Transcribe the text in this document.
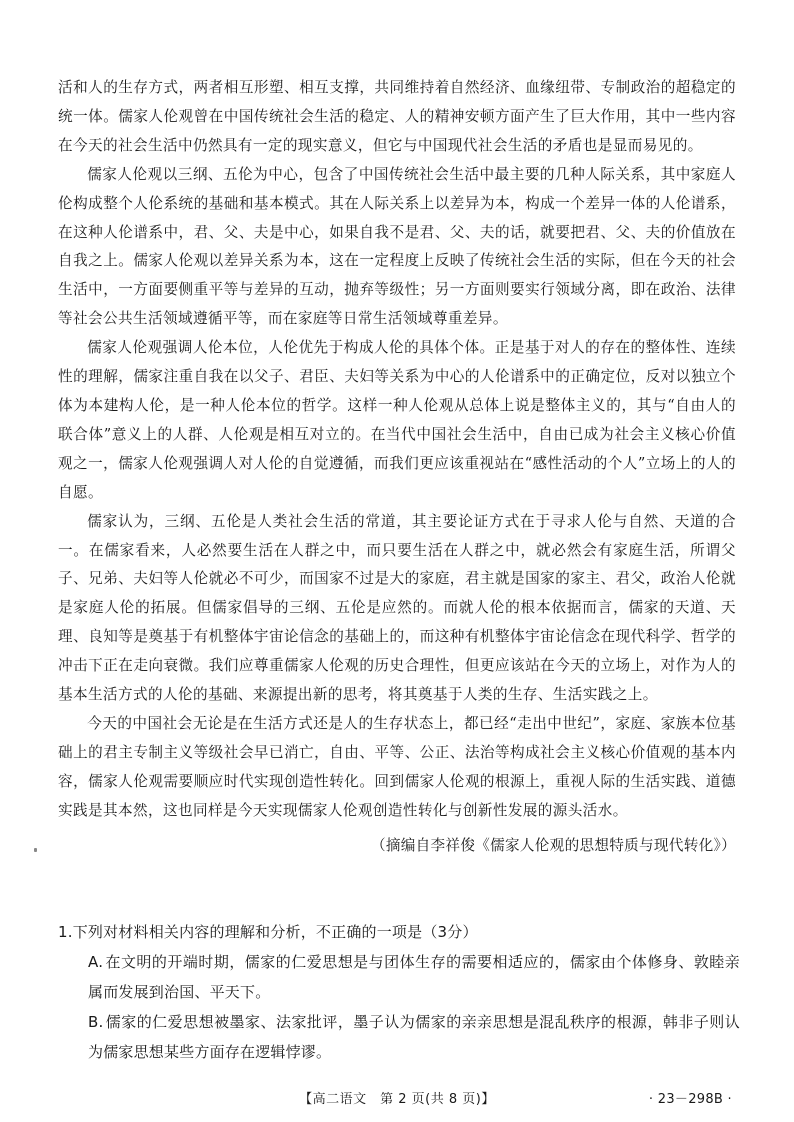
活和人的生存方式，两者相互形塑、相互支撑，共同维持着自然经济、血缘纽带、专制政治的超稳定的统一体。儒家人伦观曾在中国传统社会生活的稳定、人的精神安顿方面产生了巨大作用，其中一些内容在今天的社会生活中仍然具有一定的现实意义，但它与中国现代社会生活的矛盾也是显而易见的。

儒家人伦观以三纲、五伦为中心，包含了中国传统社会生活中最主要的几种人际关系，其中家庭人伦构成整个人伦系统的基础和基本模式。其在人际关系上以差异为本，构成一个差异一体的人伦谱系，在这种人伦谱系中，君、父、夫是中心，如果自我不是君、父、夫的话，就要把君、父、夫的价值放在自我之上。儒家人伦观以差异关系为本，这在一定程度上反映了传统社会生活的实际，但在今天的社会生活中，一方面要侧重平等与差异的互动，抛弃等级性；另一方面则要实行领域分离，即在政治、法律等社会公共生活领域遵循平等，而在家庭等日常生活领域尊重差异。

儒家人伦观强调人伦本位，人伦优先于构成人伦的具体个体。正是基于对人的存在的整体性、连续性的理解，儒家注重自我在以父子、君臣、夫妇等关系为中心的人伦谱系中的正确定位，反对以独立个体为本建构人伦，是一种人伦本位的哲学。这样一种人伦观从总体上说是整体主义的，其与“自由人的联合体”意义上的人群、人伦观是相互对立的。在当代中国社会生活中，自由已成为社会主义核心价值观之一，儒家人伦观强调人对人伦的自觉遵循，而我们更应该重视站在“感性活动的个人”立场上的人的自愿。

儒家认为，三纲、五伦是人类社会生活的常道，其主要论证方式在于寻求人伦与自然、天道的合一。在儒家看来，人必然要生活在人群之中，而只要生活在人群之中，就必然会有家庭生活，所谓父子、兄弟、夫妇等人伦就必不可少，而国家不过是大的家庭，君主就是国家的家主、君父，政治人伦就是家庭人伦的拓展。但儒家倡导的三纲、五伦是应然的。而就人伦的根本依据而言，儒家的天道、天理、良知等是奠基于有机整体宇宙论信念的基础上的，而这种有机整体宇宙论信念在现代科学、哲学的冲击下正在走向衰微。我们应尊重儒家人伦观的历史合理性，但更应该站在今天的立场上，对作为人的基本生活方式的人伦的基础、来源提出新的思考，将其奠基于人类的生存、生活实践之上。

今天的中国社会无论是在生活方式还是人的生存状态上，都已经“走出中世纪”，家庭、家族本位基础上的君主专制主义等级社会早已消亡，自由、平等、公正、法治等构成社会主义核心价值观的基本内容，儒家人伦观需要顺应时代实现创造性转化。回到儒家人伦观的根源上，重视人际的生活实践、道德实践是其本然，这也同样是今天实现儒家人伦观创造性转化与创新性发展的源头活水。

（摘编自李祥俊《儒家人伦观的思想特质与现代转化》）

1.下列对材料相关内容的理解和分析，不正确的一项是（3分）

A. 在文明的开端时期，儒家的仁爱思想是与团体生存的需要相适应的，儒家由个体修身、敦睦亲属而发展到治国、平天下。

B. 儒家的仁爱思想被墨家、法家批评，墨子认为儒家的亲亲思想是混乱秩序的根源，韩非子则认为儒家思想某些方面存在逻辑悖谬。

【高二语文　第 2 页(共 8 页)】	· 23－298B ·
